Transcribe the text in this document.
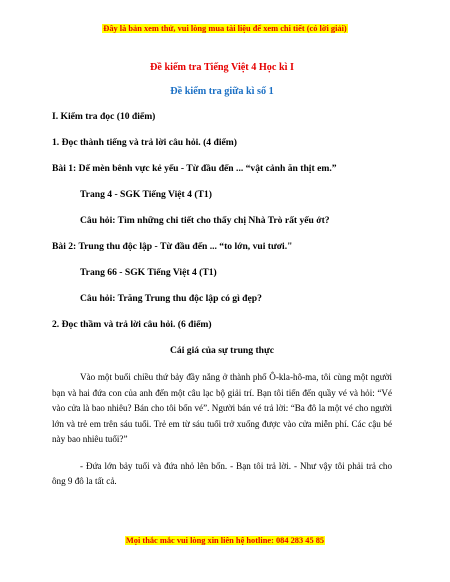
Đây là bản xem thử, vui lòng mua tài liệu để xem chi tiết (có lời giải)
Đề kiểm tra Tiếng Việt 4 Học kì I
Đề kiểm tra giữa kì số 1
I. Kiểm tra đọc (10 điểm)
1. Đọc thành tiếng và trả lời câu hỏi. (4 điểm)
Bài 1: Dế mèn bênh vực kẻ yếu - Từ đầu đến ... “vật cảnh ăn thịt em.”
Trang 4 - SGK Tiếng Việt 4 (T1)
Câu hỏi: Tìm những chi tiết cho thấy chị Nhà Trò rất yếu ớt?
Bài 2: Trung thu độc lập - Từ đầu đến ... “to lớn, vui tươi."
Trang 66 - SGK Tiếng Việt 4 (T1)
Câu hỏi: Trăng Trung thu độc lập có gì đẹp?
2. Đọc thầm và trả lời câu hỏi. (6 điểm)
Cái giá của sự trung thực

Vào một buổi chiều thứ bảy đầy nắng ở thành phố Ô-kla-hô-ma, tôi cùng một người bạn và hai đứa con của anh đến một câu lạc bộ giải trí. Bạn tôi tiến đến quầy vé và hỏi: “Vé vào cửa là bao nhiêu? Bán cho tôi bốn vé”. Người bán vé trả lời: “Ba đô la một vé cho người lớn và trẻ em trên sáu tuổi. Trẻ em từ sáu tuổi trở xuống được vào cửa miễn phí. Các cậu bé này bao nhiêu tuổi?”

- Đứa lớn bảy tuổi và đứa nhỏ lên bốn. - Bạn tôi trả lời. - Như vậy tôi phải trả cho ông 9 đô la tất cả.

Mọi thắc mắc vui lòng xin liên hệ hotline: 084 283 45 85
